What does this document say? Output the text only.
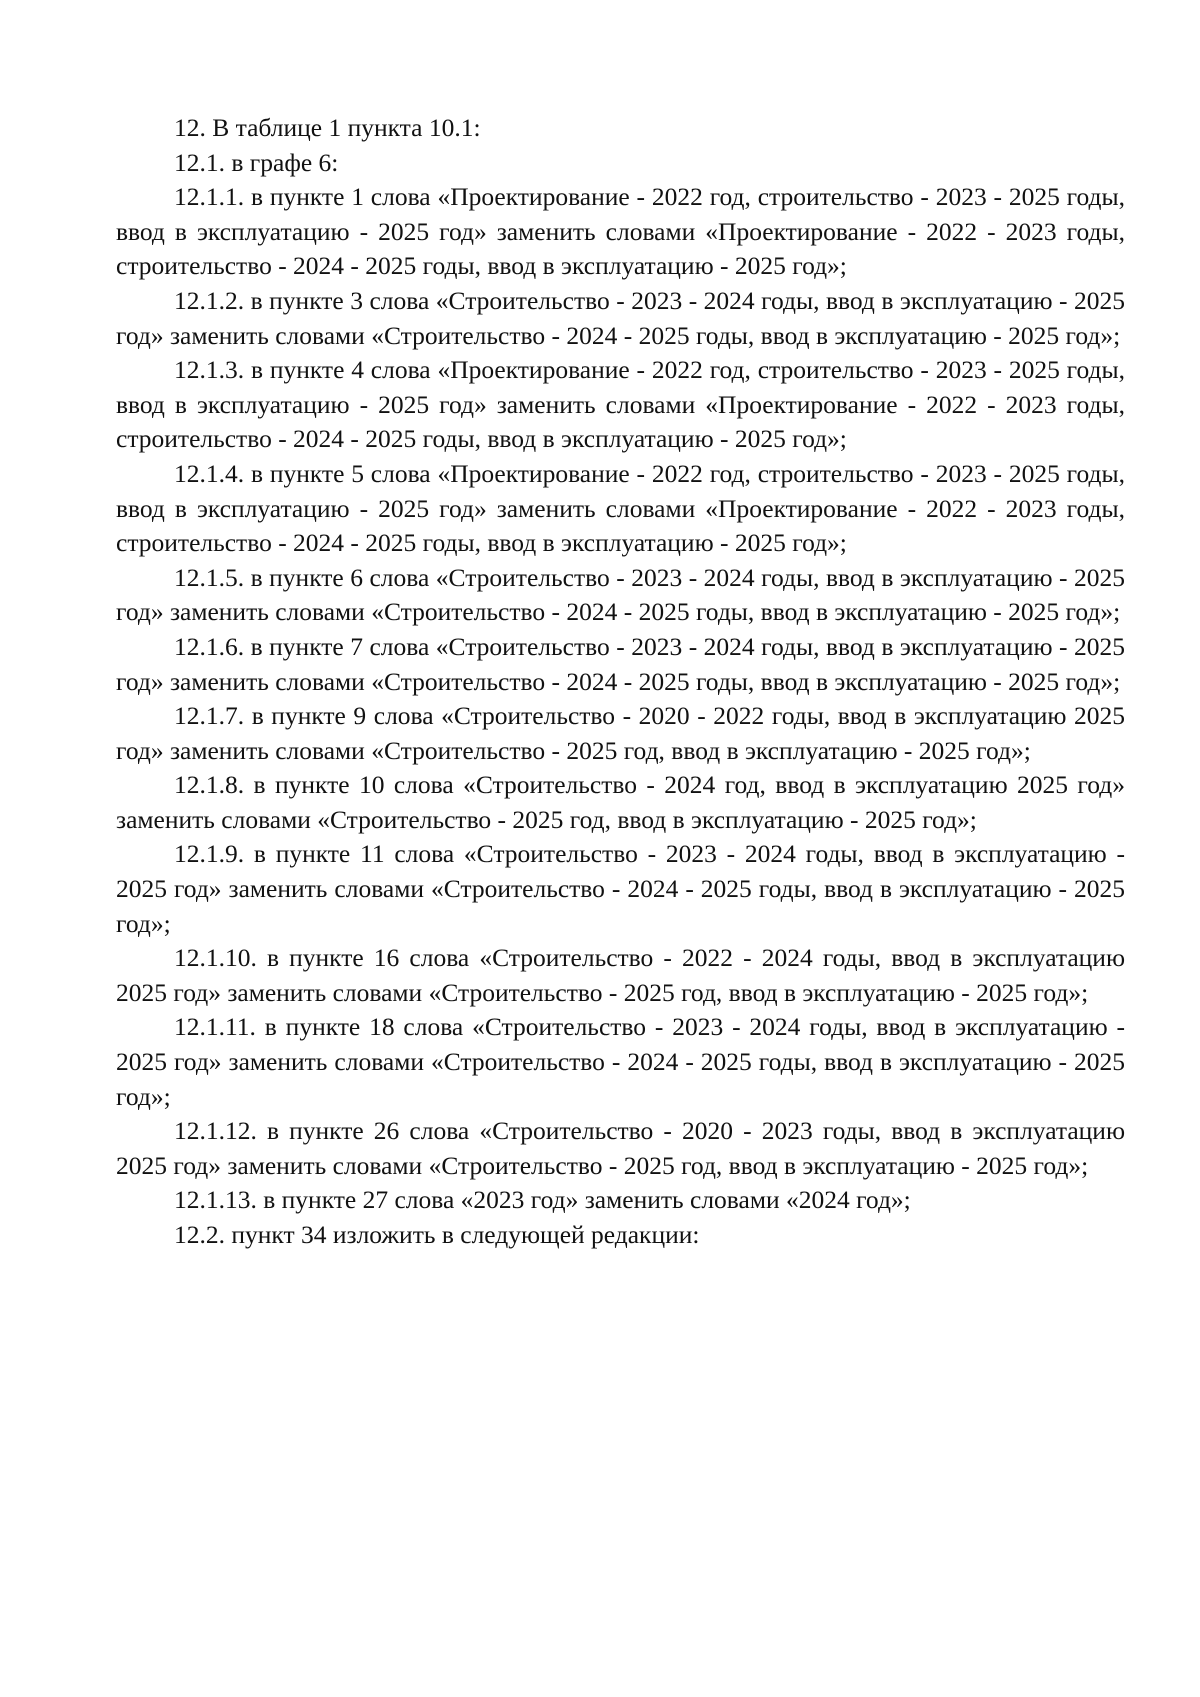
12. В таблице 1 пункта 10.1:

12.1. в графе 6:

12.1.1. в пункте 1 слова «Проектирование - 2022 год, строительство - 2023 - 2025 годы, ввод в эксплуатацию - 2025 год» заменить словами «Проектирование - 2022 - 2023 годы, строительство - 2024 - 2025 годы, ввод в эксплуатацию - 2025 год»;

12.1.2. в пункте 3 слова «Строительство - 2023 - 2024 годы, ввод в эксплуатацию - 2025 год» заменить словами «Строительство - 2024 - 2025 годы, ввод в эксплуатацию - 2025 год»;

12.1.3. в пункте 4 слова «Проектирование - 2022 год, строительство - 2023 - 2025 годы, ввод в эксплуатацию - 2025 год» заменить словами «Проектирование - 2022 - 2023 годы, строительство - 2024 - 2025 годы, ввод в эксплуатацию - 2025 год»;

12.1.4. в пункте 5 слова «Проектирование - 2022 год, строительство - 2023 - 2025 годы, ввод в эксплуатацию - 2025 год» заменить словами «Проектирование - 2022 - 2023 годы, строительство - 2024 - 2025 годы, ввод в эксплуатацию - 2025 год»;

12.1.5. в пункте 6 слова «Строительство - 2023 - 2024 годы, ввод в эксплуатацию - 2025 год» заменить словами «Строительство - 2024 - 2025 годы, ввод в эксплуатацию - 2025 год»;

12.1.6. в пункте 7 слова «Строительство - 2023 - 2024 годы, ввод в эксплуатацию - 2025 год» заменить словами «Строительство - 2024 - 2025 годы, ввод в эксплуатацию - 2025 год»;

12.1.7. в пункте 9 слова «Строительство - 2020 - 2022 годы, ввод в эксплуатацию 2025 год» заменить словами «Строительство - 2025 год, ввод в эксплуатацию - 2025 год»;

12.1.8. в пункте 10 слова «Строительство - 2024 год, ввод в эксплуатацию 2025 год» заменить словами «Строительство - 2025 год, ввод в эксплуатацию - 2025 год»;

12.1.9. в пункте 11 слова «Строительство - 2023 - 2024 годы, ввод в эксплуатацию - 2025 год» заменить словами «Строительство - 2024 - 2025 годы, ввод в эксплуатацию - 2025 год»;

12.1.10. в пункте 16 слова «Строительство - 2022 - 2024 годы, ввод в эксплуатацию 2025 год» заменить словами «Строительство - 2025 год, ввод в эксплуатацию - 2025 год»;

12.1.11. в пункте 18 слова «Строительство - 2023 - 2024 годы, ввод в эксплуатацию - 2025 год» заменить словами «Строительство - 2024 - 2025 годы, ввод в эксплуатацию - 2025 год»;

12.1.12. в пункте 26 слова «Строительство - 2020 - 2023 годы, ввод в эксплуатацию 2025 год» заменить словами «Строительство - 2025 год, ввод в эксплуатацию - 2025 год»;

12.1.13. в пункте 27 слова «2023 год» заменить словами «2024 год»;

12.2. пункт 34 изложить в следующей редакции:
